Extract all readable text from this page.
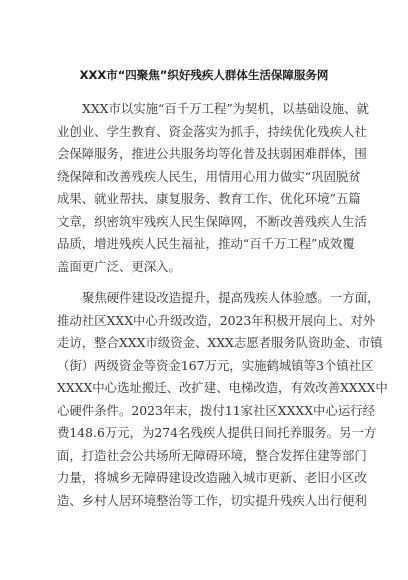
XXX市“四聚焦”织好残疾人群体生活保障服务网
XXX市以实施“百千万工程”为契机，以基础设施、就
业创业、学生教育、资金落实为抓手，持续优化残疾人社
会保障服务，推进公共服务均等化普及扶弱困难群体，围
绕保障和改善残疾人民生，用情用心用力做实“巩固脱贫
成果、就业帮扶、康复服务、教育工作、优化环境”五篇
文章，织密筑牢残疾人民生保障网，不断改善残疾人生活
品质，增进残疾人民生福祉，推动“百千万工程”成效覆
盖面更广泛、更深入。
聚焦硬件建设改造提升，提高残疾人体验感。一方面，
推动社区XXX中心升级改造，2023年积极开展向上、对外
走访，整合XXX市级资金、XXX志愿者服务队资助金、市镇
（街）两级资金等资金167万元，实施鹤城镇等3个镇社区
XXXX中心选址搬迁、改扩建、电梯改造，有效改善XXXX中
心硬件条件。2023年末，拨付11家社区XXXX中心运行经
费148.6万元，为274名残疾人提供日间托养服务。另一方
面，打造社会公共场所无障碍环境，整合发挥住建等部门
力量，将城乡无障碍建设改造融入城市更新、老旧小区改
造、乡村人居环境整治等工作，切实提升残疾人出行便利
